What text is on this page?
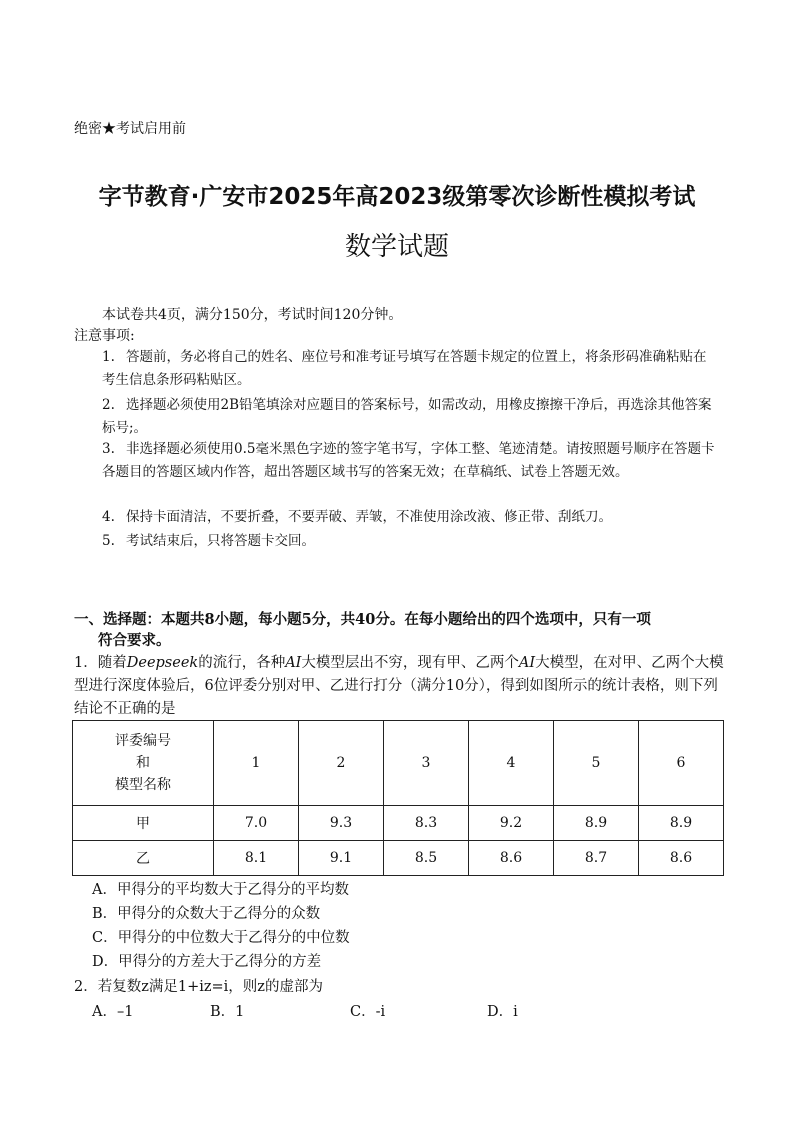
绝密★考试启用前
字节教育·广安市2025年高2023级第零次诊断性模拟考试
数学试题
本试卷共4页，满分150分，考试时间120分钟。
注意事项:
1. 答题前，务必将自己的姓名、座位号和准考证号填写在答题卡规定的位置上，将条形码准确粘贴在考生信息条形码粘贴区。
2. 选择题必须使用2B铅笔填涂对应题目的答案标号，如需改动，用橡皮擦擦干净后，再选涂其他答案标号;。
3. 非选择题必须使用0.5毫米黑色字迹的签字笔书写，字体工整、笔迹清楚。请按照题号顺序在答题卡各题目的答题区域内作答，超出答题区域书写的答案无效；在草稿纸、试卷上答题无效。
4. 保持卡面清洁，不要折叠，不要弄破、弄皱，不准使用涂改液、修正带、刮纸刀。
5. 考试结束后，只将答题卡交回。
一、选择题：本题共8小题，每小题5分，共40分。在每小题给出的四个选项中，只有一项
符合要求。
1．随着Deepseek的流行，各种AI大模型层出不穷，现有甲、乙两个AI大模型，在对甲、乙两个大模型进行深度体验后，6位评委分别对甲、乙进行打分（满分10分），得到如图所示的统计表格，则下列结论不正确的是
评委编号
和
模型名称	1	2	3	4	5	6
甲	7.0	9.3	8.3	9.2	8.9	8.9
乙	8.1	9.1	8.5	8.6	8.7	8.6
A．甲得分的平均数大于乙得分的平均数
B．甲得分的众数大于乙得分的众数
C．甲得分的中位数大于乙得分的中位数
D．甲得分的方差大于乙得分的方差
2．若复数z满足1+iz=i，则z的虚部为
A．–1	B．1	C．-i	D．i
